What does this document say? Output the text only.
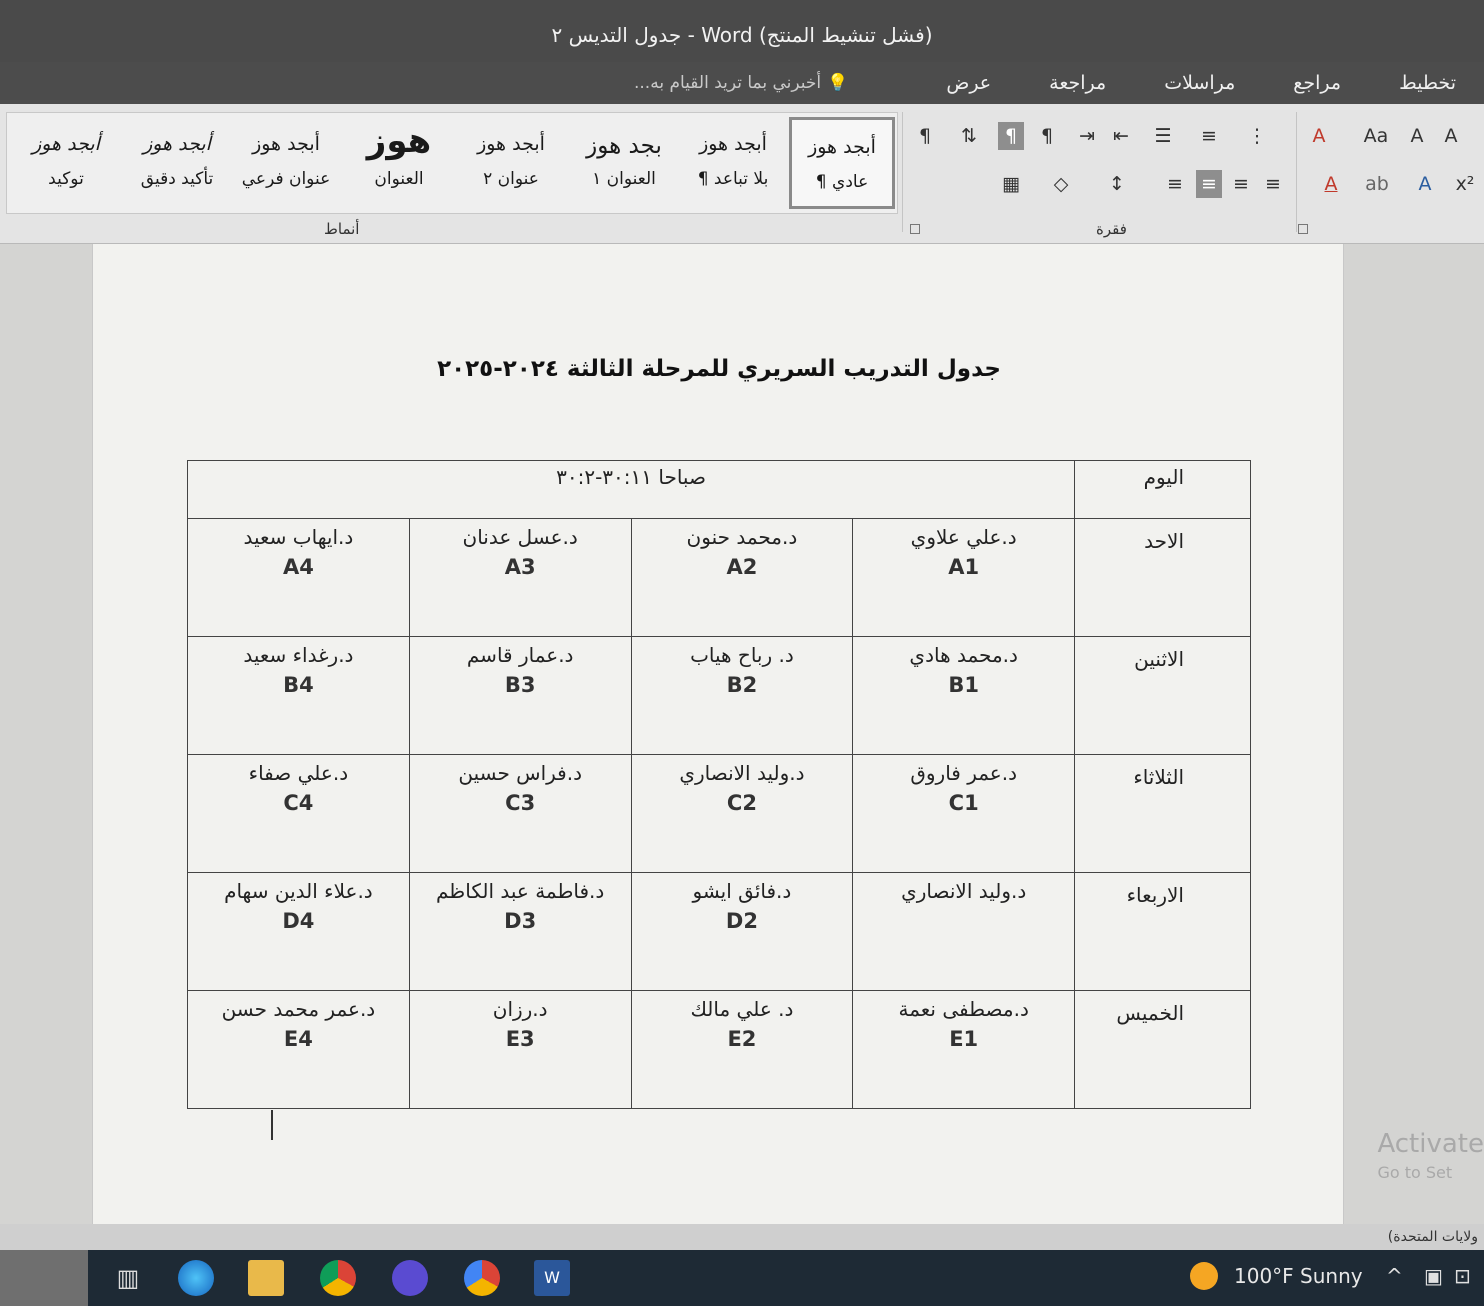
جدول التديس ٢ - Word (فشل تنشيط المنتج)
تخطيط
مراجع
مراسلات
مراجعة
عرض
💡
أخبرني بما تريد القيام به...
أبجد هوز
¶ عادي
أبجد هوز
¶ بلا تباعد
بجد هوز
العنوان ١
أبجد هوز
عنوان ٢
هوز
العنوان
أبجد هوز
عنوان فرعي
أبجد هوز
تأكيد دقيق
أبجد هوز
توكيد
أنماط
¶	⇅	¶	¶	⇥ ⇤ ☰ ≡ ⋮
▦ ◇ ↕ ≡ ≡ ≡ ≡
فقرة
A	Aa	A	A
A	ab	A	x²
جدول التدريب السريري للمرحلة الثالثة ٢٠٢٤-٢٠٢٥
اليوم	صباحا ٣٠:١١-٣٠:٢			
الاحد	د.علي علاوي
A1	د.محمد حنون
A2	د.عسل عدنان
A3	د.ايهاب سعيد
A4

الاثنين	د.محمد هادي
B1	د. رباح هياب
B2	د.عمار قاسم
B3	د.رغداء سعيد
B4

الثلاثاء	د.عمر فاروق
C1	د.وليد الانصاري
C2	د.فراس حسين
C3	د.علي صفاء
C4

الاربعاء	د.وليد الانصاري	د.فائق ايشو
D2	د.فاطمة عبد الكاظم
D3	د.علاء الدين سهام
D4

الخميس	د.مصطفى نعمة
E1	د. علي مالك
E2	د.رزان
E3	د.عمر محمد حسن
E4
Activate
Go to Set
ولايات المتحدة)
▥	W	100°F Sunny ^ ▣ ⊡
